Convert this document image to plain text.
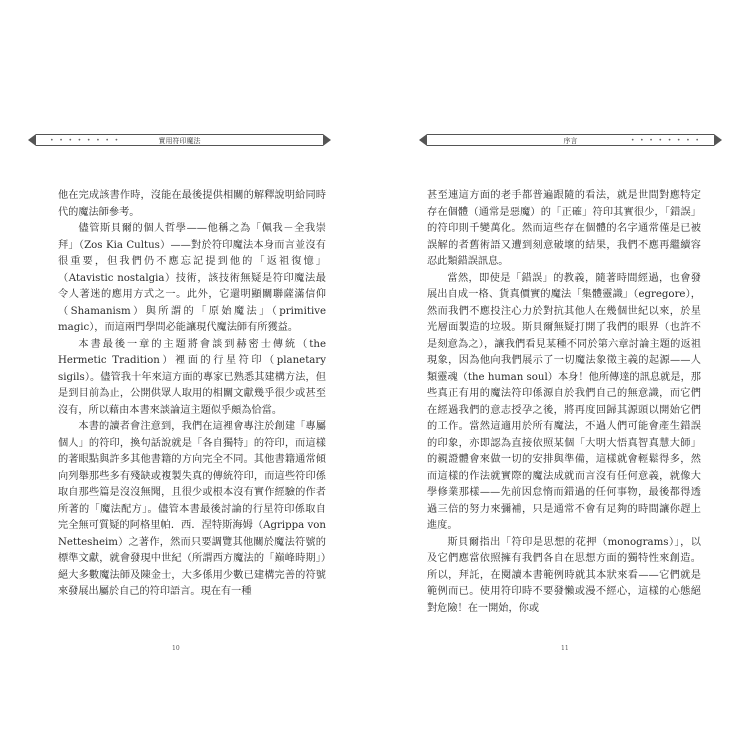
• • • • • • • •	實用符印魔法

他在完成該書作時，沒能在最後提供相關的解釋說明給同時代的魔法師參考。

儘管斯貝爾的個人哲學——他稱之為「佩我－全我崇拜」（Zos Kia Cultus）——對於符印魔法本身而言並沒有很重要，但我們仍不應忘記提到他的「返祖復憶」（Atavistic nostalgia）技術，該技術無疑是符印魔法最令人著迷的應用方式之一。此外，它還明顯關聯薩滿信仰（Shamanism）與所謂的「原始魔法」（primitive magic），而這兩門學問必能讓現代魔法師有所獲益。

本書最後一章的主題將會談到赫密士傳統（the Hermetic Tradition）裡面的行星符印（planetary sigils）。儘管我十年來這方面的專家已熟悉其建構方法，但是到目前為止，公開供眾人取用的相關文獻幾乎很少或甚至沒有，所以藉由本書來談論這主題似乎頗為恰當。

本書的讀者會注意到，我們在這裡會專注於創建「專屬個人」的符印，換句話說就是「各自獨特」的符印，而這樣的著眼點與許多其他書籍的方向完全不同。其他書籍通常傾向列舉那些多有殘缺或複製失真的傳統符印，而這些符印係取自那些篇是沒沒無聞，且很少或根本沒有實作經驗的作者所著的「魔法配方」。儘管本書最後討論的行星符印係取自完全無可質疑的阿格里帕．西．涅特斯海姆（Agrippa von Nettesheim）之著作，然而只要調覽其他關於魔法符號的標準文獻，就會發現中世紀（所謂西方魔法的「巔峰時期」）絕大多數魔法師及陳金士，大多係用少數已建構完善的符號來發展出屬於自己的符印語言。現在有一種

10
序言	• • • • • • • •

甚至連這方面的老手都普遍跟隨的看法，就是世間對應特定存在個體（通常是惡魔）的「正確」符印其實很少，「錯誤」的符印則千變萬化。然而這些存在個體的名字通常僅是已被誤解的者舊術語又遭到刻意破壞的結果，我們不應再繼續容忍此類錯誤訊息。

當然，即使是「錯誤」的教義，隨著時間經過，也會發展出自成一格、貨真價實的魔法「集體靈識」（egregore），然而我們不應投注心力於對抗其他人在幾個世紀以來，於星光層面製造的垃圾。斯貝爾無疑打開了我們的眼界（也許不是刻意為之），讓我們看見某種不同於第六章討論主題的返祖現象，因為他向我們展示了一切魔法象徵主義的起源——人類靈魂（the human soul）本身！他所傳達的訊息就是，那些真正有用的魔法符印係源自於我們自己的無意識，而它們在經過我們的意志授孕之後，將再度回歸其源頭以開始它們的工作。當然這適用於所有魔法，不過人們可能會產生錯誤的印象，亦即認為直接依照某個「大明大悟真智真慧大師」的親證體會來做一切的安排與準備，這樣就會輕鬆得多，然而這樣的作法就實際的魔法成就而言沒有任何意義，就像大學修業那樣——先前因怠惰而錯過的任何事物，最後都得透過三倍的努力來彌補，只是通常不會有足夠的時間讓你趕上進度。

斯貝爾指出「符印是思想的花押（monograms）」，以及它們應當依照擁有我們各自在思想方面的獨特性來創造。所以，拜託，在閱讀本書範例時就其本狀來看——它們就是範例而已。使用符印時不要發懶或漫不經心，這樣的心態絕對危險！在一開始，你或

11
